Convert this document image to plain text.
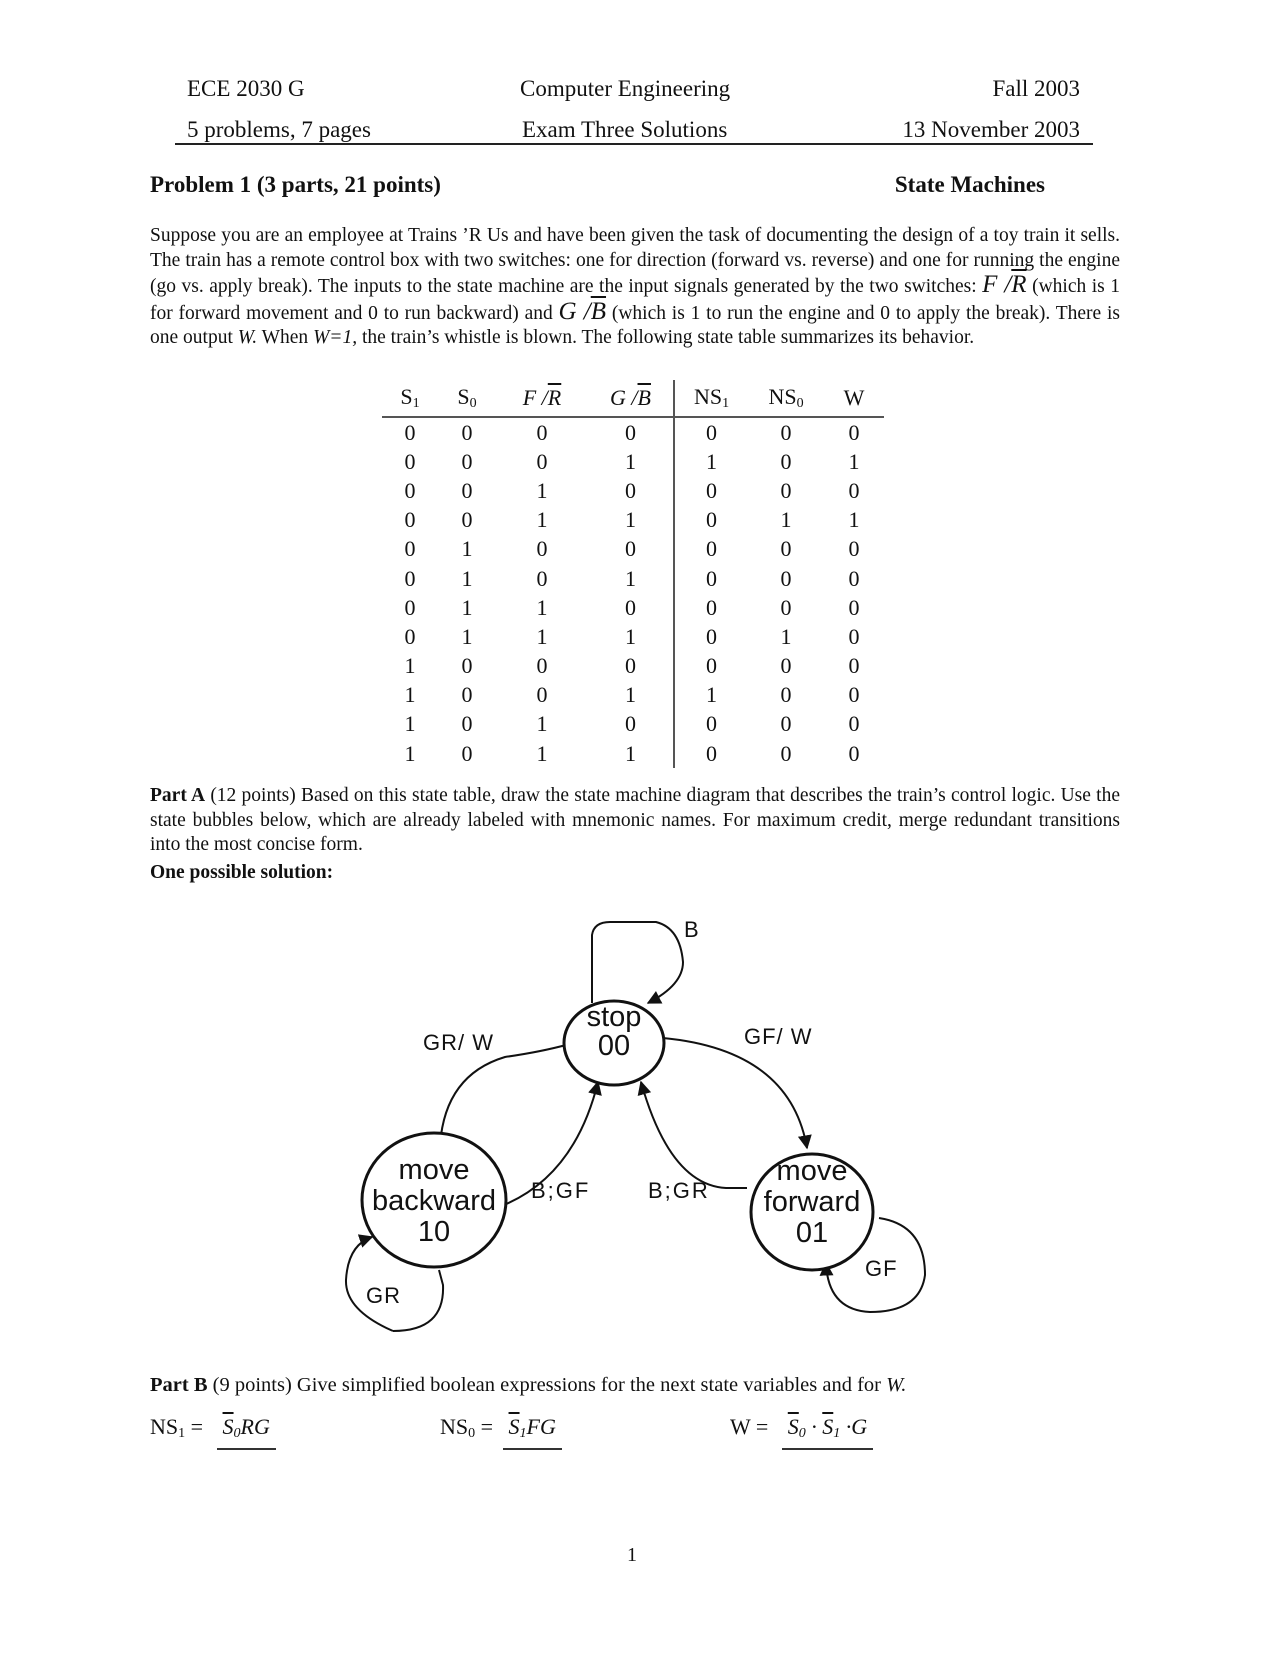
ECE 2030 G	Computer Engineering	Fall 2003
5 problems, 7 pages	Exam Three Solutions	13 November 2003
Problem 1 (3 parts, 21 points)	State Machines
Suppose you are an employee at Trains ’R Us and have been given the task of documenting the design of a toy train it sells. The train has a remote control box with two switches: one for direction (forward vs. reverse) and one for running the engine (go vs. apply break). The inputs to the state machine are the input signals generated by the two switches: F $/\overline{R}$ (which is 1 for forward movement and 0 to run backward) and G $/\overline{B}$ (which is 1 to run the engine and 0 to apply the break). There is one output W. When W=1, the train’s whistle is blown. The following state table summarizes its behavior.
$S_1$	$S_0$	F $/\overline{R}$	G $/\overline{B}$	$NS_1$	$NS_0$	W
0	0	0	0	0	0	0
0	0	0	1	1	0	1
0	0	1	0	0	0	0
0	0	1	1	0	1	1
0	1	0	0	0	0	0
0	1	0	1	0	0	0
0	1	1	0	0	0	0
0	1	1	1	0	1	0
1	0	0	0	0	0	0
1	0	0	1	1	0	0
1	0	1	0	0	0	0
1	0	1	1	0	0	0
Part A (12 points) Based on this state table, draw the state machine diagram that describes the train’s control logic. Use the state bubbles below, which are already labeled with mnemonic names. For maximum credit, merge redundant transitions into the most concise form.
One possible solution:
stop
00
move
backward
10
move
forward
01
B
GR/ W	GF/ W
B;GF	B;GR
GR
GF
Part B (9 points) Give simplified boolean expressions for the next state variables and for W.
$NS_1 = \overline{S}_0RG$	$NS_0 = \overline{S}_1FG$	$W = \overline{S}_0 \cdot \overline{S}_1 \cdot G$
1
